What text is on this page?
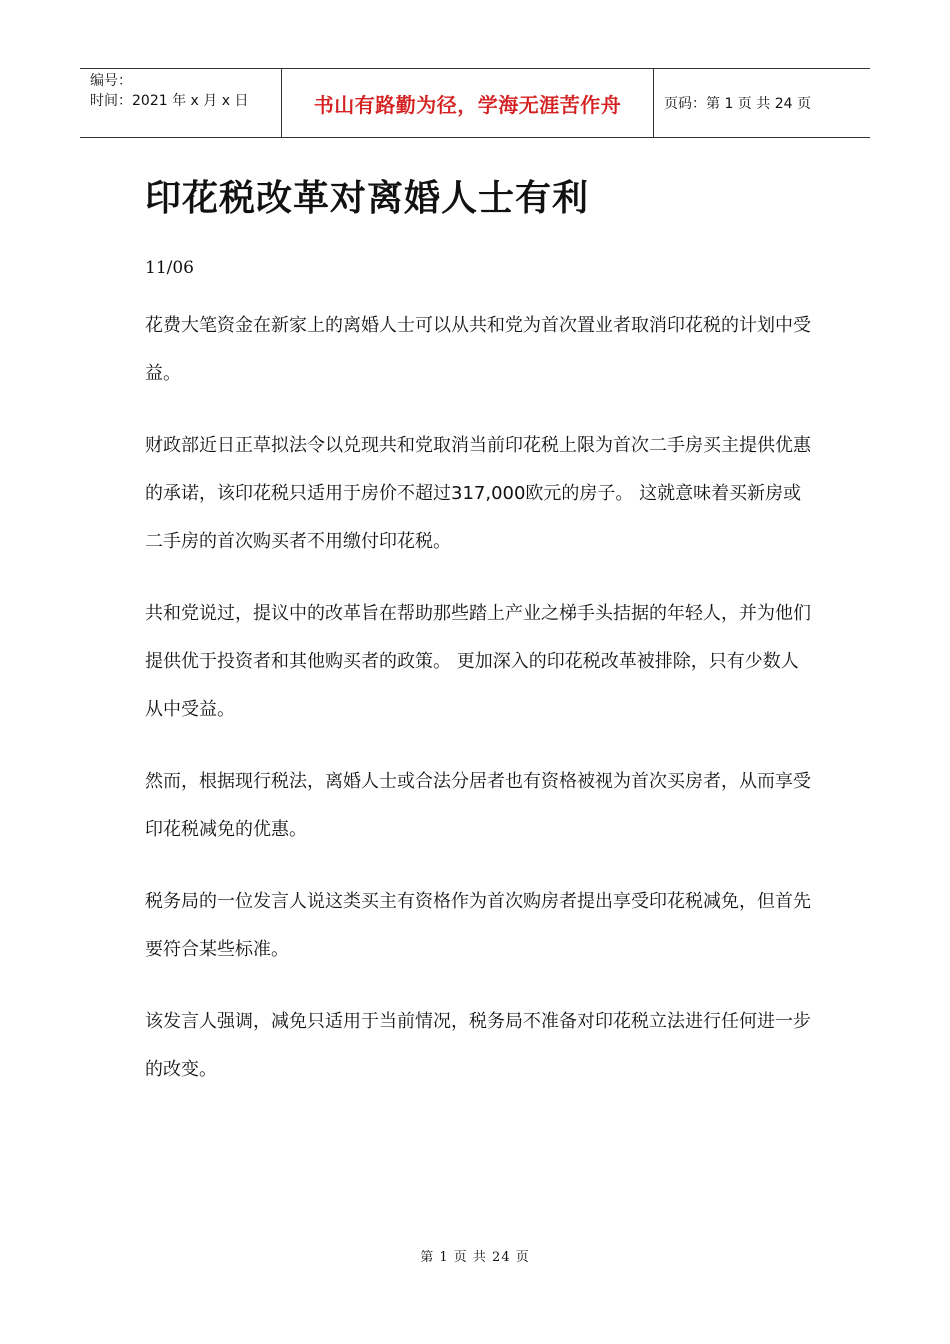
编号：
时间：2021 年 x 月 x 日	书山有路勤为径，学海无涯苦作舟	页码：第 1 页 共 24 页
印花税改革对离婚人士有利
11/06

花费大笔资金在新家上的离婚人士可以从共和党为首次置业者取消印花税的计划中受益。

财政部近日正草拟法令以兑现共和党取消当前印花税上限为首次二手房买主提供优惠的承诺，该印花税只适用于房价不超过317,000欧元的房子。 这就意味着买新房或二手房的首次购买者不用缴付印花税。

共和党说过，提议中的改革旨在帮助那些踏上产业之梯手头拮据的年轻人，并为他们提供优于投资者和其他购买者的政策。 更加深入的印花税改革被排除，只有少数人从中受益。

然而，根据现行税法，离婚人士或合法分居者也有资格被视为首次买房者，从而享受印花税减免的优惠。

税务局的一位发言人说这类买主有资格作为首次购房者提出享受印花税减免，但首先要符合某些标准。

该发言人强调，减免只适用于当前情况，税务局不准备对印花税立法进行任何进一步的改变。

第 1 页 共 24 页
